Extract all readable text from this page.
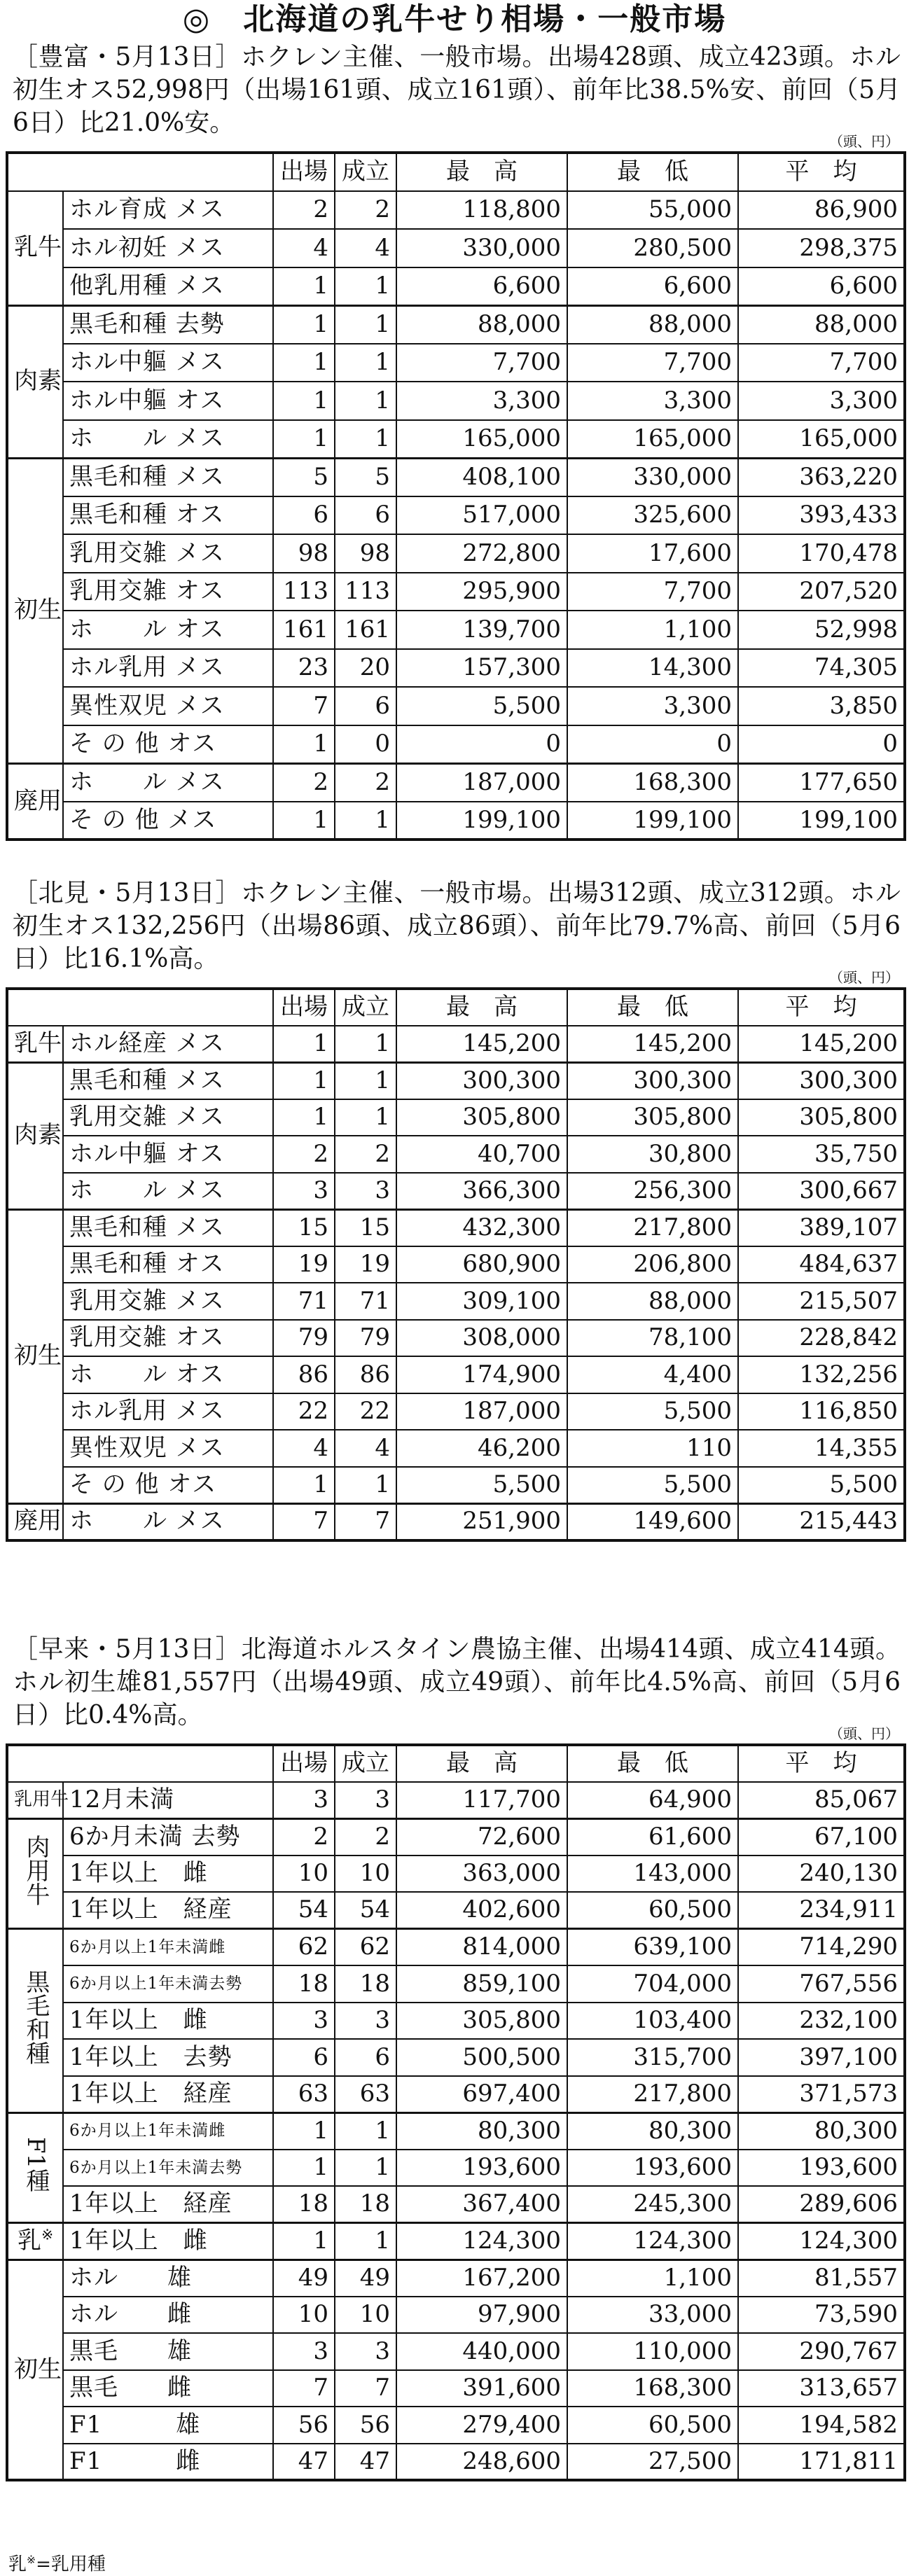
◎　北海道の乳牛せり相場・一般市場
［豊富・5月13日］ホクレン主催、一般市場。出場428頭、成立423頭。ホル初生オス52,998円（出場161頭、成立161頭）、前年比38.5%安、前回（5月6日）比21.0%安。
（頭、円）
		出場	成立	最　高	最　低	平　均
乳牛	ホル育成 メス	2	2	118,800	55,000	86,900
	ホル初妊 メス	4	4	330,000	280,500	298,375
	他乳用種 メス	1	1	6,600	6,600	6,600
肉素	黒毛和種 去勢	1	1	88,000	88,000	88,000
	ホル中軀 メス	1	1	7,700	7,700	7,700
	ホル中軀 オス	1	1	3,300	3,300	3,300
	ホ　　ル メス	1	1	165,000	165,000	165,000
初生	黒毛和種 メス	5	5	408,100	330,000	363,220
	黒毛和種 オス	6	6	517,000	325,600	393,433
	乳用交雑 メス	98	98	272,800	17,600	170,478
	乳用交雑 オス	113	113	295,900	7,700	207,520
	ホ　　ル オス	161	161	139,700	1,100	52,998
	ホル乳用 メス	23	20	157,300	14,300	74,305
	異性双児 メス	7	6	5,500	3,300	3,850
	そ の 他 オス	1	0	0	0	0
廃用	ホ　　ル メス	2	2	187,000	168,300	177,650
	そ の 他 メス	1	1	199,100	199,100	199,100
［北見・5月13日］ホクレン主催、一般市場。出場312頭、成立312頭。ホル初生オス132,256円（出場86頭、成立86頭）、前年比79.7%高、前回（5月6日）比16.1%高。
（頭、円）
		出場	成立	最　高	最　低	平　均
乳牛	ホル経産 メス	1	1	145,200	145,200	145,200
肉素	黒毛和種 メス	1	1	300,300	300,300	300,300
	乳用交雑 メス	1	1	305,800	305,800	305,800
	ホル中軀 オス	2	2	40,700	30,800	35,750
	ホ　　ル メス	3	3	366,300	256,300	300,667
初生	黒毛和種 メス	15	15	432,300	217,800	389,107
	黒毛和種 オス	19	19	680,900	206,800	484,637
	乳用交雑 メス	71	71	309,100	88,000	215,507
	乳用交雑 オス	79	79	308,000	78,100	228,842
	ホ　　ル オス	86	86	174,900	4,400	132,256
	ホル乳用 メス	22	22	187,000	5,500	116,850
	異性双児 メス	4	4	46,200	110	14,355
	そ の 他 オス	1	1	5,500	5,500	5,500
廃用	ホ　　ル メス	7	7	251,900	149,600	215,443
［早来・5月13日］北海道ホルスタイン農協主催、出場414頭、成立414頭。ホル初生雄81,557円（出場49頭、成立49頭）、前年比4.5%高、前回（5月6日）比0.4%高。
（頭、円）
		出場	成立	最　高	最　低	平　均
乳用牛	12月未満	3	3	117,700	64,900	85,067
肉用牛	6か月未満 去勢	2	2	72,600	61,600	67,100
	1年以上　雌	10	10	363,000	143,000	240,130
	1年以上　経産	54	54	402,600	60,500	234,911
黒毛和種	6か月以上1年未満雌	62	62	814,000	639,100	714,290
	6か月以上1年未満去勢	18	18	859,100	704,000	767,556
	1年以上　雌	3	3	305,800	103,400	232,100
	1年以上　去勢	6	6	500,500	315,700	397,100
	1年以上　経産	63	63	697,400	217,800	371,573
F1種	6か月以上1年未満雌	1	1	80,300	80,300	80,300
	6か月以上1年未満去勢	1	1	193,600	193,600	193,600
	1年以上　経産	18	18	367,400	245,300	289,606
乳※	1年以上　雌	1	1	124,300	124,300	124,300
初生	ホル　　雄	49	49	167,200	1,100	81,557
	ホル　　雌	10	10	97,900	33,000	73,590
	黒毛　　雄	3	3	440,000	110,000	290,767
	黒毛　　雌	7	7	391,600	168,300	313,657
	F1　　　雄	56	56	279,400	60,500	194,582
	F1　　　雌	47	47	248,600	27,500	171,811
乳※=乳用種
